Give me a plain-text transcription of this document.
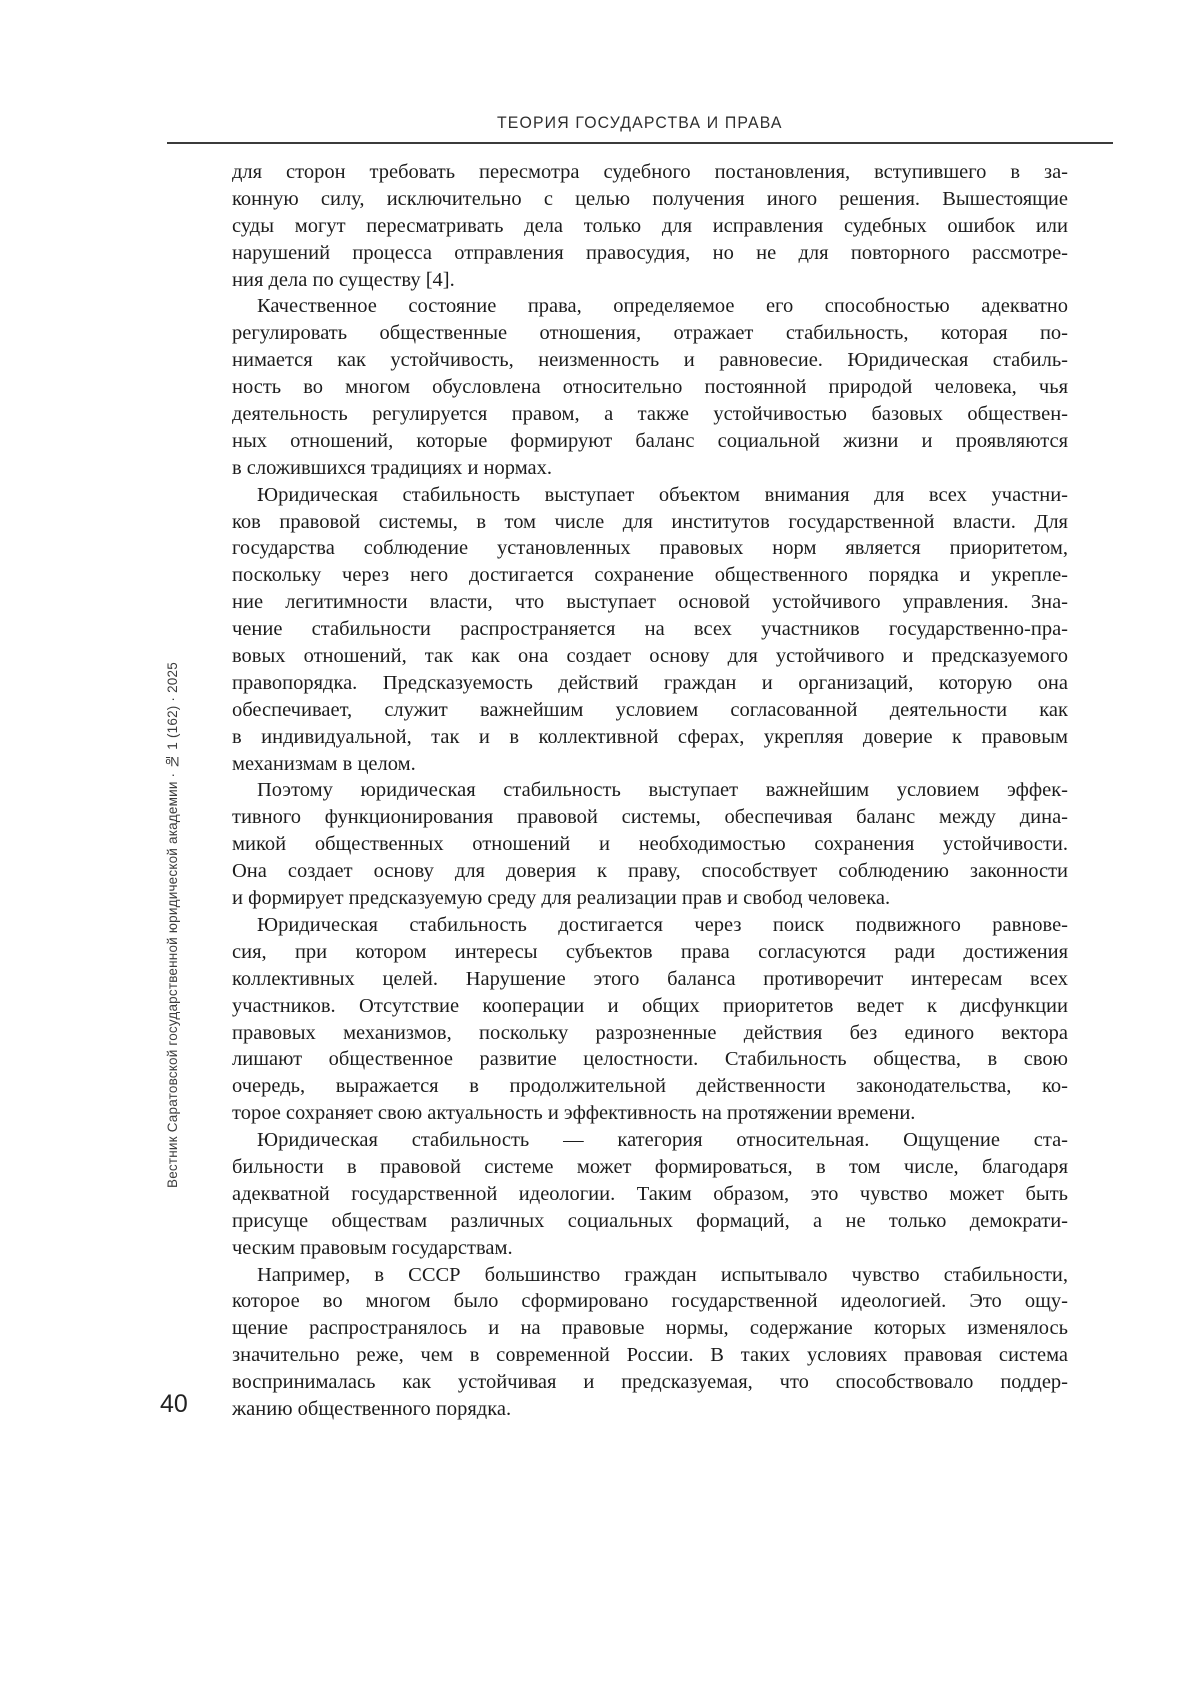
ТЕОРИЯ ГОСУДАРСТВА И ПРАВА
Вестник Саратовской государственной юридической академии · № 1 (162) · 2025
40
для сторон требовать пересмотра судебного постановления, вступившего в за-
конную силу, исключительно с целью получения иного решения. Вышестоящие
суды могут пересматривать дела только для исправления судебных ошибок или
нарушений процесса отправления правосудия, но не для повторного рассмотре-
ния дела по существу [4].
Качественное состояние права, определяемое его способностью адекватно
регулировать общественные отношения, отражает стабильность, которая по-
нимается как устойчивость, неизменность и равновесие. Юридическая стабиль-
ность во многом обусловлена относительно постоянной природой человека, чья
деятельность регулируется правом, а также устойчивостью базовых обществен-
ных отношений, которые формируют баланс социальной жизни и проявляются
в сложившихся традициях и нормах.
Юридическая стабильность выступает объектом внимания для всех участни-
ков правовой системы, в том числе для институтов государственной власти. Для
государства соблюдение установленных правовых норм является приоритетом,
поскольку через него достигается сохранение общественного порядка и укрепле-
ние легитимности власти, что выступает основой устойчивого управления. Зна-
чение стабильности распространяется на всех участников государственно-пра-
вовых отношений, так как она создает основу для устойчивого и предсказуемого
правопорядка. Предсказуемость действий граждан и организаций, которую она
обеспечивает, служит важнейшим условием согласованной деятельности как
в индивидуальной, так и в коллективной сферах, укрепляя доверие к правовым
механизмам в целом.
Поэтому юридическая стабильность выступает важнейшим условием эффек-
тивного функционирования правовой системы, обеспечивая баланс между дина-
микой общественных отношений и необходимостью сохранения устойчивости.
Она создает основу для доверия к праву, способствует соблюдению законности
и формирует предсказуемую среду для реализации прав и свобод человека.
Юридическая стабильность достигается через поиск подвижного равнове-
сия, при котором интересы субъектов права согласуются ради достижения
коллективных целей. Нарушение этого баланса противоречит интересам всех
участников. Отсутствие кооперации и общих приоритетов ведет к дисфункции
правовых механизмов, поскольку разрозненные действия без единого вектора
лишают общественное развитие целостности. Стабильность общества, в свою
очередь, выражается в продолжительной действенности законодательства, ко-
торое сохраняет свою актуальность и эффективность на протяжении времени.
Юридическая стабильность — категория относительная. Ощущение ста-
бильности в правовой системе может формироваться, в том числе, благодаря
адекватной государственной идеологии. Таким образом, это чувство может быть
присуще обществам различных социальных формаций, а не только демократи-
ческим правовым государствам.
Например, в СССР большинство граждан испытывало чувство стабильности,
которое во многом было сформировано государственной идеологией. Это ощу-
щение распространялось и на правовые нормы, содержание которых изменялось
значительно реже, чем в современной России. В таких условиях правовая система
воспринималась как устойчивая и предсказуемая, что способствовало поддер-
жанию общественного порядка.
